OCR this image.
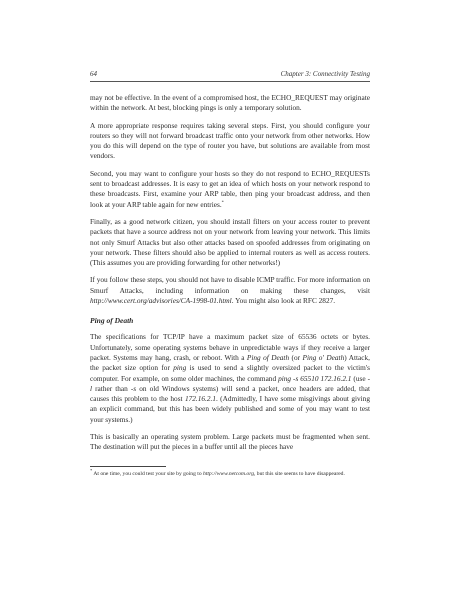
64	Chapter 3: Connectivity Testing

may not be effective. In the event of a compromised host, the ECHO_REQUEST may originate within the network. At best, blocking pings is only a temporary solution.

A more appropriate response requires taking several steps. First, you should configure your routers so they will not forward broadcast traffic onto your network from other networks. How you do this will depend on the type of router you have, but solutions are available from most vendors.

Second, you may want to configure your hosts so they do not respond to ECHO_REQUESTs sent to broadcast addresses. It is easy to get an idea of which hosts on your network respond to these broadcasts. First, examine your ARP table, then ping your broadcast address, and then look at your ARP table again for new entries.*

Finally, as a good network citizen, you should install filters on your access router to prevent packets that have a source address not on your network from leaving your network. This limits not only Smurf Attacks but also other attacks based on spoofed addresses from originating on your network. These filters should also be applied to internal routers as well as access routers. (This assumes you are providing forwarding for other networks!)

If you follow these steps, you should not have to disable ICMP traffic. For more information on Smurf Attacks, including information on making these changes, visit http://www.cert.org/advisories/CA-1998-01.html. You might also look at RFC 2827.

Ping of Death

The specifications for TCP/IP have a maximum packet size of 65536 octets or bytes. Unfortunately, some operating systems behave in unpredictable ways if they receive a larger packet. Systems may hang, crash, or reboot. With a Ping of Death (or Ping o' Death) Attack, the packet size option for ping is used to send a slightly oversized packet to the victim's computer. For example, on some older machines, the command ping -s 65510 172.16.2.1 (use -l rather than -s on old Windows systems) will send a packet, once headers are added, that causes this problem to the host 172.16.2.1. (Admittedly, I have some misgivings about giving an explicit command, but this has been widely published and some of you may want to test your systems.)

This is basically an operating system problem. Large packets must be fragmented when sent. The destination will put the pieces in a buffer until all the pieces have

* At one time, you could test your site by going to http://www.netcom.org, but this site seems to have disappeared.
